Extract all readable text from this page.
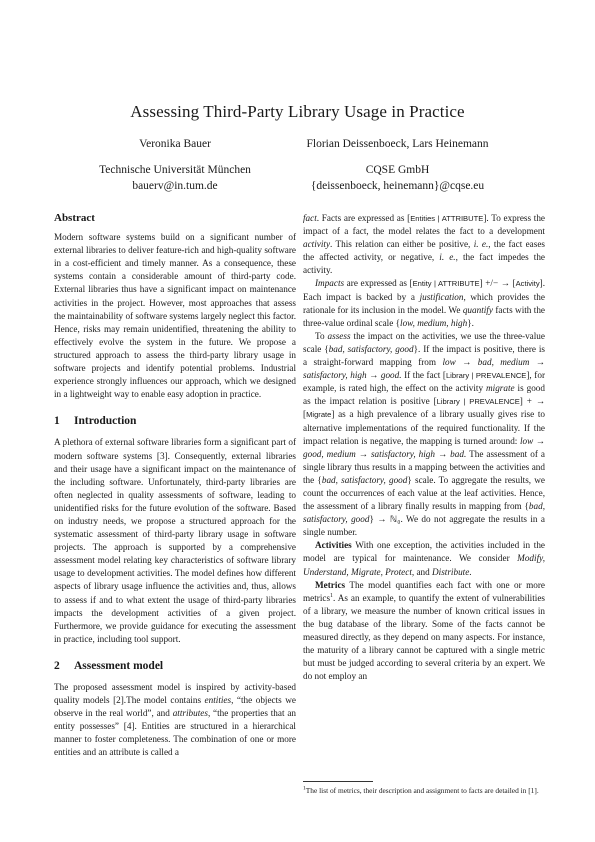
Assessing Third-Party Library Usage in Practice
Veronika Bauer
Technische Universität München
bauerv@in.tum.de
Florian Deissenboeck, Lars Heinemann
CQSE GmbH
{deissenboeck, heinemann}@cqse.eu
Abstract

Modern software systems build on a significant number of external libraries to deliver feature-rich and high-quality software in a cost-efficient and timely manner. As a consequence, these systems contain a considerable amount of third-party code. External libraries thus have a significant impact on maintenance activities in the project. However, most approaches that assess the maintainability of software systems largely neglect this factor. Hence, risks may remain unidentified, threatening the ability to effectively evolve the system in the future. We propose a structured approach to assess the third-party library usage in software projects and identify potential problems. Industrial experience strongly influences our approach, which we designed in a lightweight way to enable easy adoption in practice.

1 Introduction

A plethora of external software libraries form a significant part of modern software systems [3]. Consequently, external libraries and their usage have a significant impact on the maintenance of the including software. Unfortunately, third-party libraries are often neglected in quality assessments of software, leading to unidentified risks for the future evolution of the software. Based on industry needs, we propose a structured approach for the systematic assessment of third-party library usage in software projects. The approach is supported by a comprehensive assessment model relating key characteristics of software library usage to development activities. The model defines how different aspects of library usage influence the activities and, thus, allows to assess if and to what extent the usage of third-party libraries impacts the development activities of a given project. Furthermore, we provide guidance for executing the assessment in practice, including tool support.

2 Assessment model

The proposed assessment model is inspired by activity-based quality models [2].The model contains entities, “the objects we observe in the real world”, and attributes, “the properties that an entity possesses” [4]. Entities are structured in a hierarchical manner to foster completeness. The combination of one or more entities and an attribute is called a

fact. Facts are expressed as [Entities | ATTRIBUTE]. To express the impact of a fact, the model relates the fact to a development activity. This relation can either be positive, i. e., the fact eases the affected activity, or negative, i. e., the fact impedes the activity.

Impacts are expressed as [Entity | ATTRIBUTE] +/− → [Activity]. Each impact is backed by a justification, which provides the rationale for its inclusion in the model. We quantify facts with the three-value ordinal scale {low, medium, high}.

To assess the impact on the activities, we use the three-value scale {bad, satisfactory, good}. If the impact is positive, there is a straight-forward mapping from low → bad, medium → satisfactory, high → good. If the fact [Library | PREVALENCE], for example, is rated high, the effect on the activity migrate is good as the impact relation is positive [Library | PREVALENCE] + → [Migrate] as a high prevalence of a library usually gives rise to alternative implementations of the required functionality. If the impact relation is negative, the mapping is turned around: low → good, medium → satisfactory, high → bad. The assessment of a single library thus results in a mapping between the activities and the {bad, satisfactory, good} scale. To aggregate the results, we count the occurrences of each value at the leaf activities. Hence, the assessment of a library finally results in mapping from {bad, satisfactory, good} → ℕ₀. We do not aggregate the results in a single number.

Activities With one exception, the activities included in the model are typical for maintenance. We consider Modify, Understand, Migrate, Protect, and Distribute.

Metrics The model quantifies each fact with one or more metrics$^1$. As an example, to quantify the extent of vulnerabilities of a library, we measure the number of known critical issues in the bug database of the library. Some of the facts cannot be measured directly, as they depend on many aspects. For instance, the maturity of a library cannot be captured with a single metric but must be judged according to several criteria by an expert. We do not employ an

$^1$The list of metrics, their description and assignment to facts are detailed in [1].
